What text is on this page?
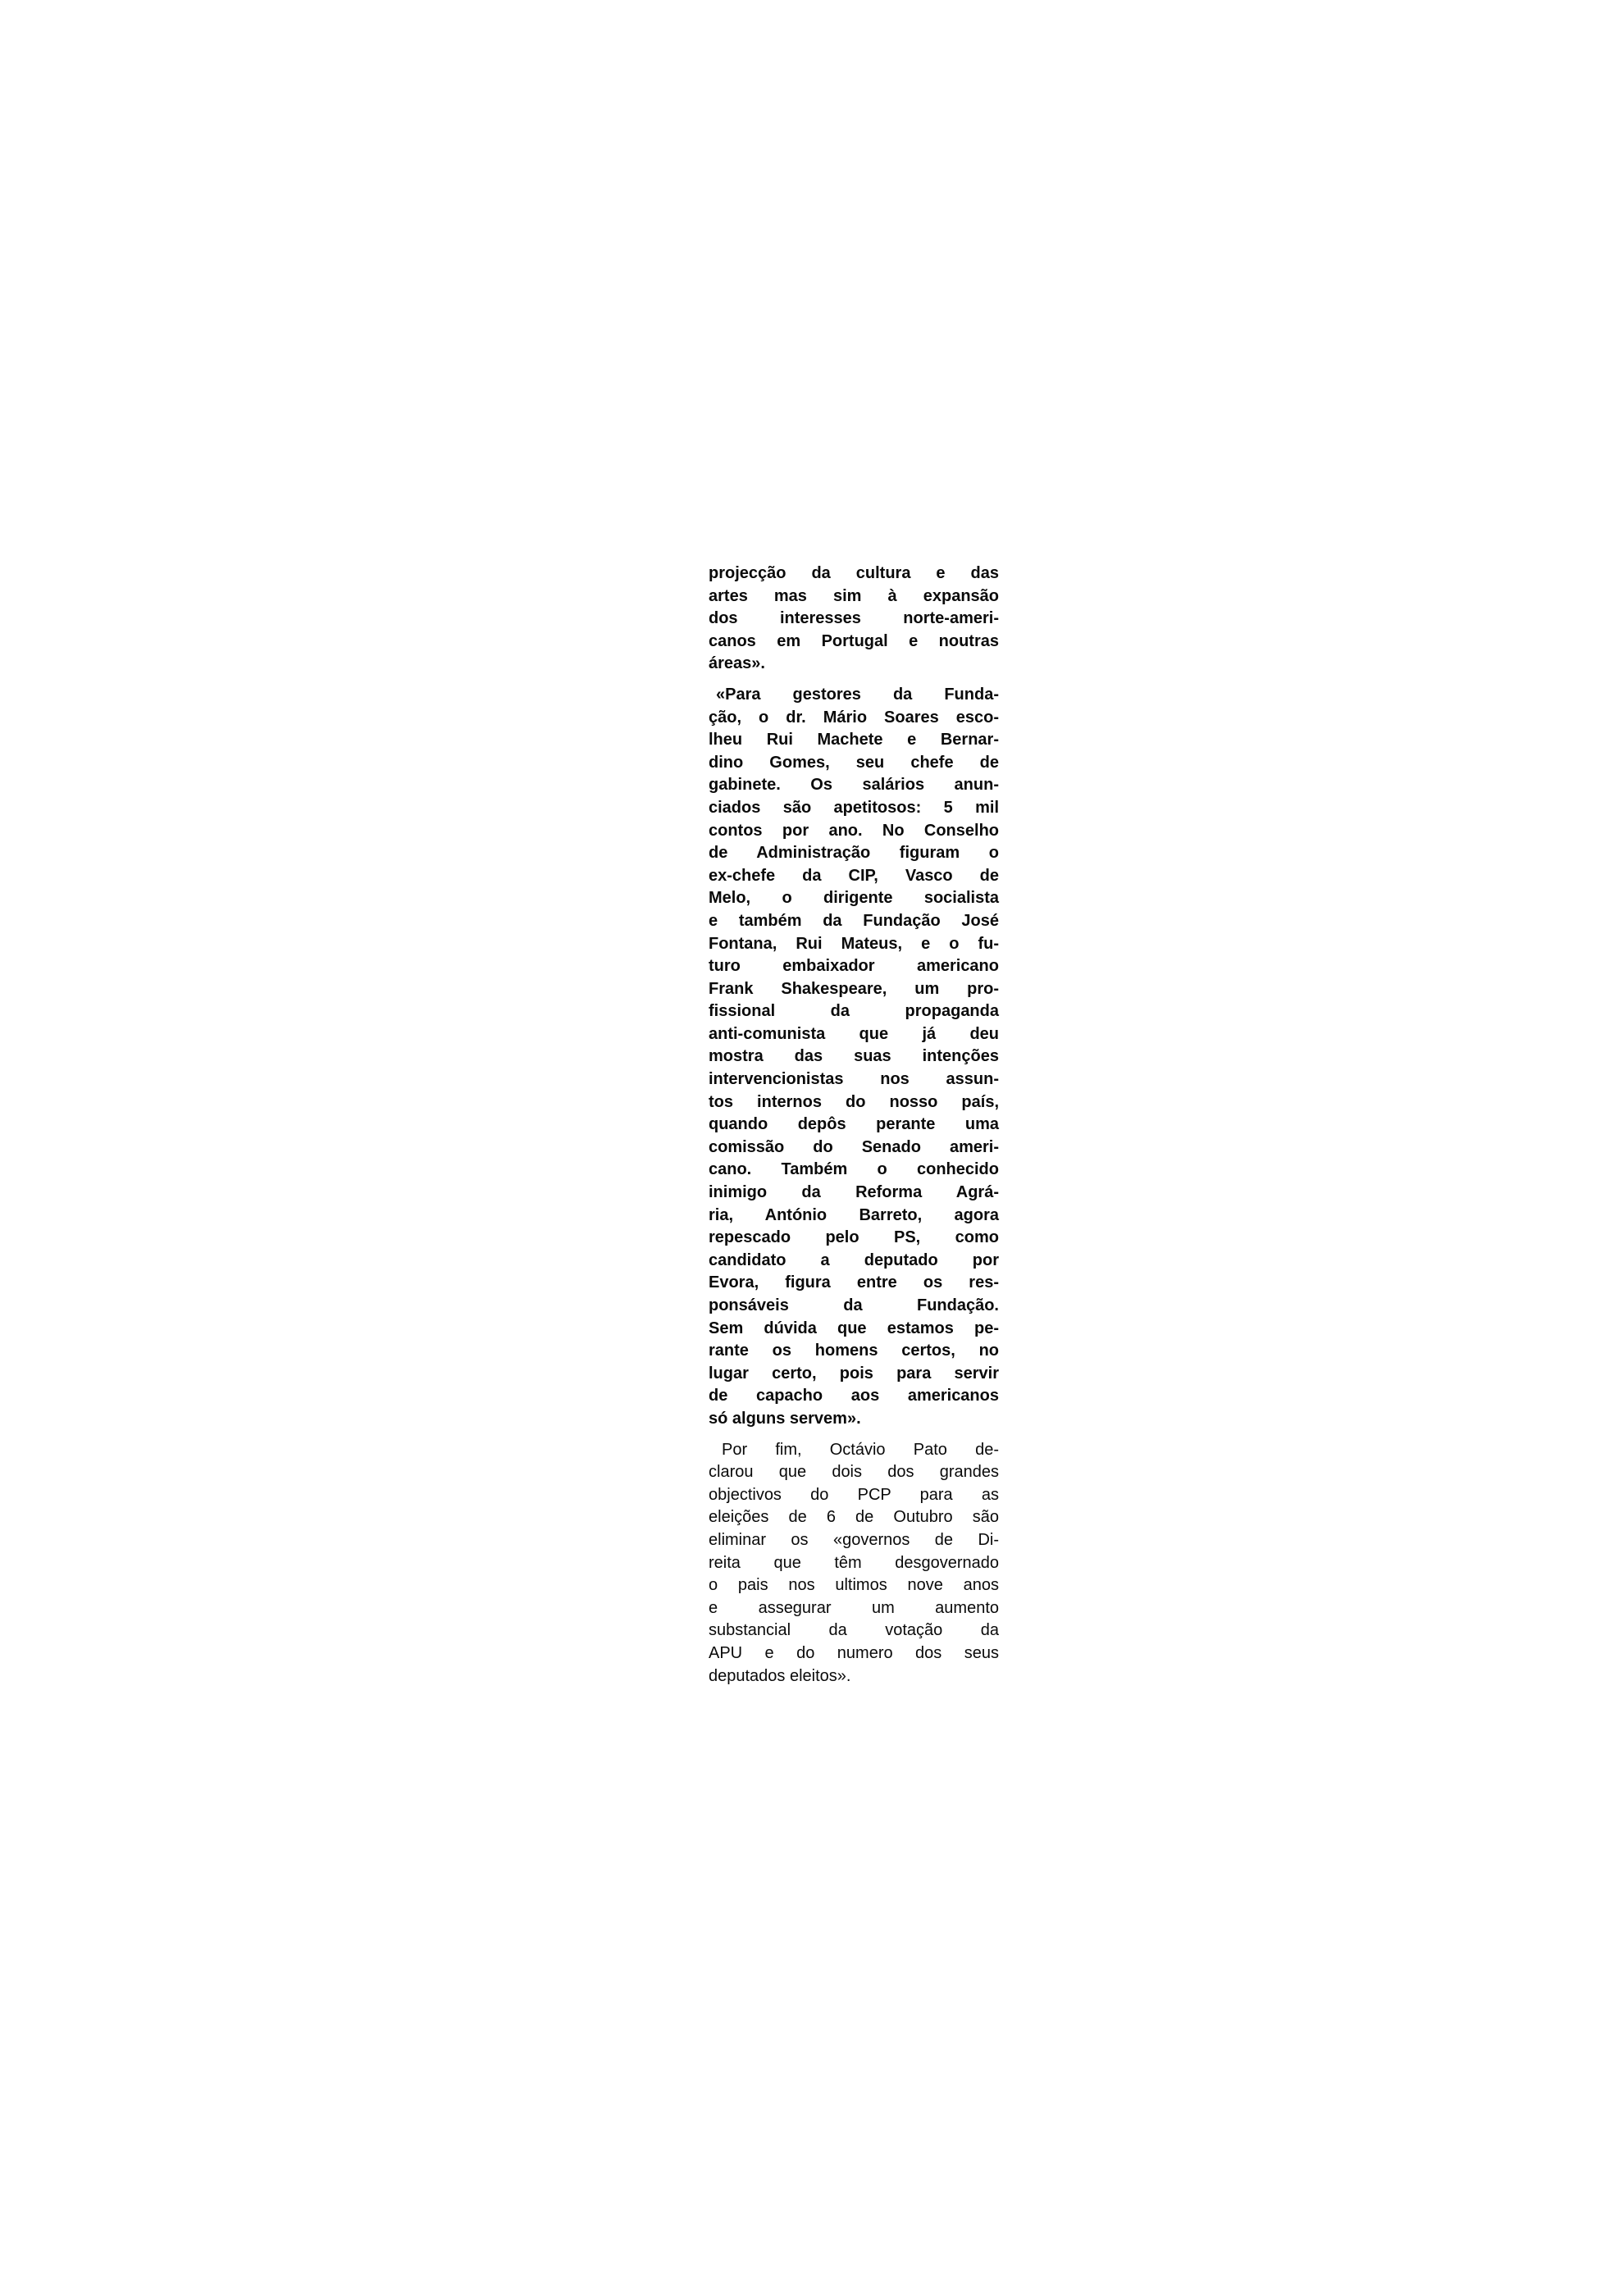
projecção da cultura e das
artes mas sim à expansão
dos interesses norte-ameri-
canos em Portugal e noutras
áreas».
«Para gestores da Funda-
ção, o dr. Mário Soares esco-
lheu Rui Machete e Bernar-
dino Gomes, seu chefe de
gabinete. Os salários anun-
ciados são apetitosos: 5 mil
contos por ano. No Conselho
de Administração figuram o
ex-chefe da CIP, Vasco de
Melo, o dirigente socialista
e também da Fundação José
Fontana, Rui Mateus, e o fu-
turo embaixador americano
Frank Shakespeare, um pro-
fissional da propaganda
anti-comunista que já deu
mostra das suas intenções
intervencionistas nos assun-
tos internos do nosso país,
quando depôs perante uma
comissão do Senado ameri-
cano. Também o conhecido
inimigo da Reforma Agrá-
ria, António Barreto, agora
repescado pelo PS, como
candidato a deputado por
Evora, figura entre os res-
ponsáveis da Fundação.
Sem dúvida que estamos pe-
rante os homens certos, no
lugar certo, pois para servir
de capacho aos americanos
só alguns servem».
Por fim, Octávio Pato de-
clarou que dois dos grandes
objectivos do PCP para as
eleições de 6 de Outubro são
eliminar os «governos de Di-
reita que têm desgovernado
o pais nos ultimos nove anos
e assegurar um aumento
substancial da votação da
APU e do numero dos seus
deputados eleitos».
